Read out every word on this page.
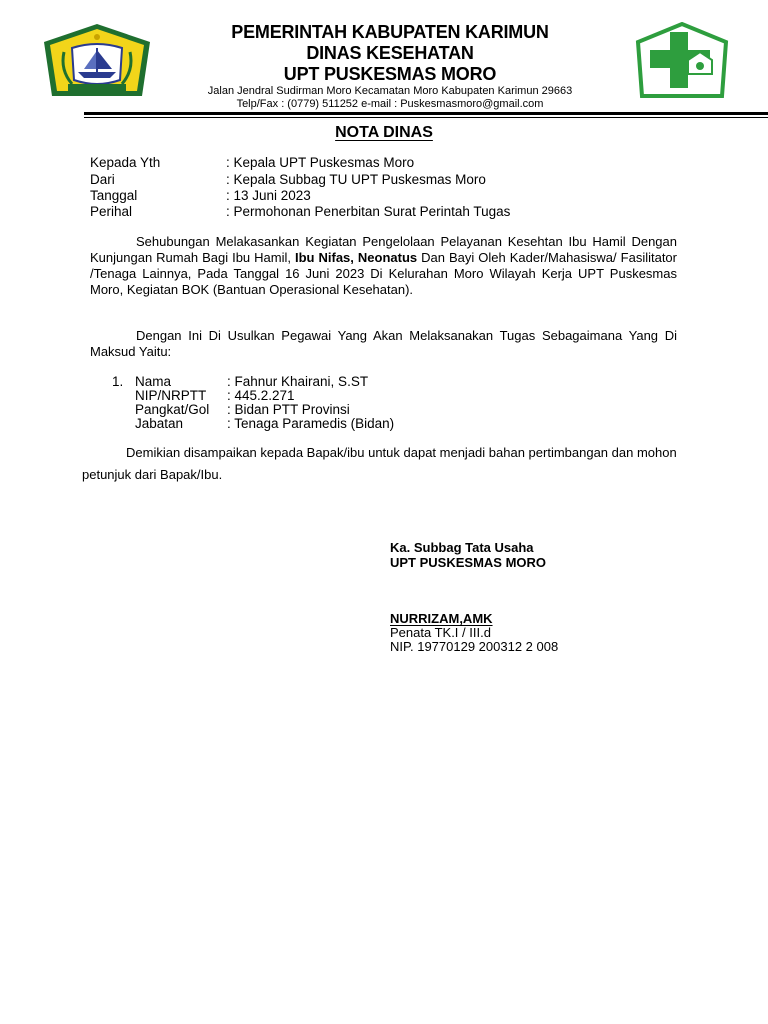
PEMERINTAH KABUPATEN KARIMUN
DINAS KESEHATAN
UPT PUSKESMAS MORO
Jalan Jendral Sudirman Moro Kecamatan Moro Kabupaten Karimun 29663
Telp/Fax : (0779) 511252 e-mail : Puskesmasmoro@gmail.com
NOTA DINAS
Kepada Yth	: Kepala UPT Puskesmas Moro
Dari	: Kepala Subbag TU UPT Puskesmas Moro
Tanggal	: 13 Juni 2023
Perihal	: Permohonan Penerbitan Surat Perintah Tugas
Sehubungan Melakasankan Kegiatan Pengelolaan Pelayanan Kesehtan Ibu Hamil Dengan Kunjungan Rumah Bagi Ibu Hamil, Ibu Nifas, Neonatus Dan Bayi Oleh Kader/Mahasiswa/ Fasilitator /Tenaga Lainnya, Pada Tanggal 16 Juni 2023 Di Kelurahan Moro Wilayah Kerja UPT Puskesmas Moro, Kegiatan BOK (Bantuan Operasional Kesehatan).
Dengan Ini Di Usulkan Pegawai Yang Akan Melaksanakan Tugas Sebagaimana Yang Di Maksud Yaitu:
1. Nama	: Fahnur Khairani, S.ST
NIP/NRPTT : 445.2.271
Pangkat/Gol : Bidan PTT Provinsi
Jabatan	: Tenaga Paramedis (Bidan)
Demikian disampaikan kepada Bapak/ibu untuk dapat menjadi bahan pertimbangan dan mohon petunjuk dari Bapak/Ibu.
Ka. Subbag Tata Usaha
UPT PUSKESMAS MORO
NURRIZAM,AMK
Penata TK.I / III.d
NIP. 19770129 200312 2 008
